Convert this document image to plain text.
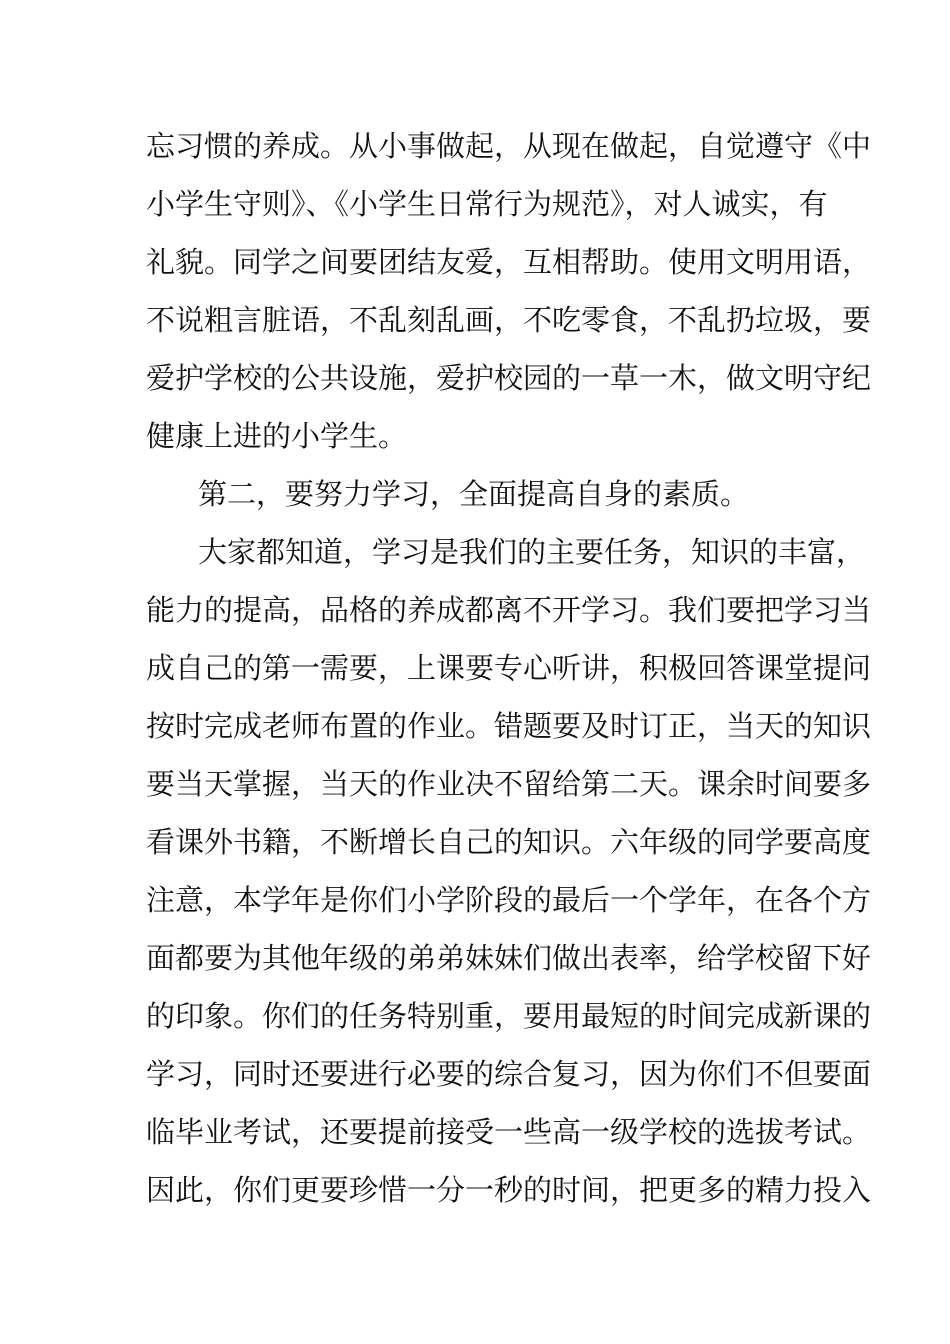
忘习惯的养成。从小事做起，从现在做起，自觉遵守《中
小学生守则》、《小学生日常行为规范》，对人诚实，有
礼貌。同学之间要团结友爱，互相帮助。使用文明用语，
不说粗言脏语，不乱刻乱画，不吃零食，不乱扔垃圾，要
爱护学校的公共设施，爱护校园的一草一木，做文明守纪
健康上进的小学生。
第二，要努力学习，全面提高自身的素质。
大家都知道，学习是我们的主要任务，知识的丰富，
能力的提高，品格的养成都离不开学习。我们要把学习当
成自己的第一需要，上课要专心听讲，积极回答课堂提问
按时完成老师布置的作业。错题要及时订正，当天的知识
要当天掌握，当天的作业决不留给第二天。课余时间要多
看课外书籍，不断增长自己的知识。六年级的同学要高度
注意，本学年是你们小学阶段的最后一个学年，在各个方
面都要为其他年级的弟弟妹妹们做出表率，给学校留下好
的印象。你们的任务特别重，要用最短的时间完成新课的
学习，同时还要进行必要的综合复习，因为你们不但要面
临毕业考试，还要提前接受一些高一级学校的选拔考试。
因此，你们更要珍惜一分一秒的时间，把更多的精力投入
